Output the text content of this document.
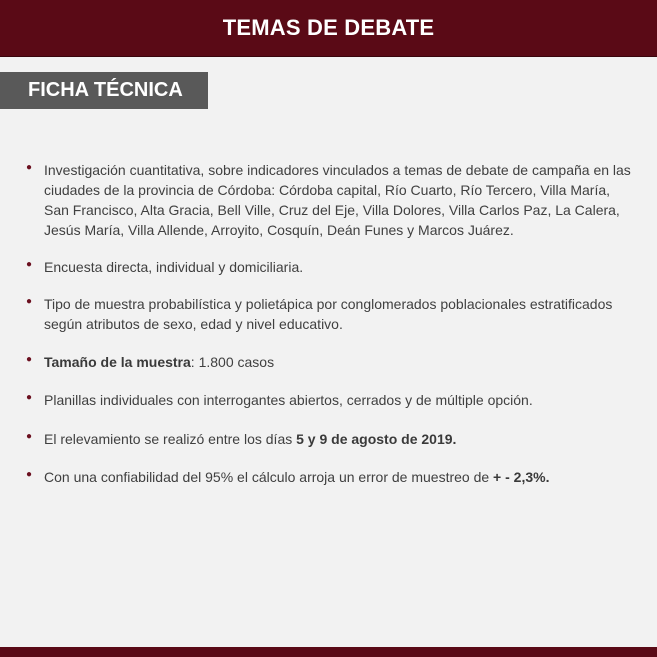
TEMAS DE DEBATE
FICHA TÉCNICA
● Investigación cuantitativa, sobre indicadores vinculados a temas de debate de campaña en las ciudades de la provincia de Córdoba: Córdoba capital, Río Cuarto, Río Tercero, Villa María, San Francisco, Alta Gracia, Bell Ville, Cruz del Eje, Villa Dolores, Villa Carlos Paz, La Calera, Jesús María, Villa Allende, Arroyito, Cosquín, Deán Funes y Marcos Juárez.
● Encuesta directa, individual y domiciliaria.
● Tipo de muestra probabilística y polietápica por conglomerados poblacionales estratificados según atributos de sexo, edad y nivel educativo.
● Tamaño de la muestra: 1.800 casos
● Planillas individuales con interrogantes abiertos, cerrados y de múltiple opción.
● El relevamiento se realizó entre los días 5 y 9 de agosto de 2019.
● Con una confiabilidad del 95% el cálculo arroja un error de muestreo de + - 2,3%.
